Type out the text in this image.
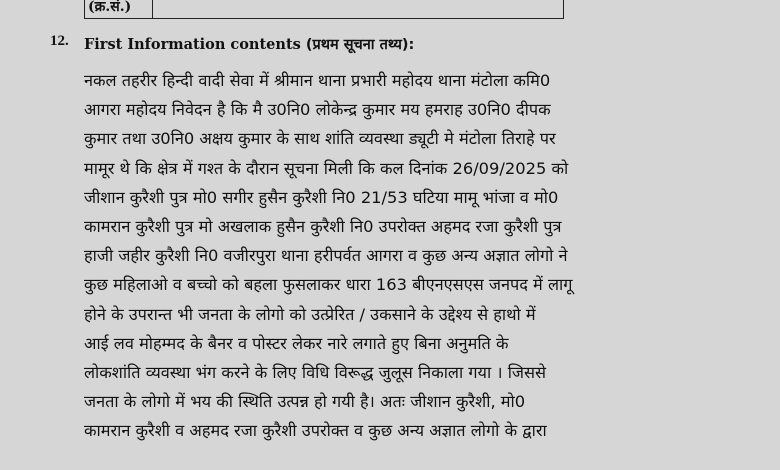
(क्र.सं.)
12. First Information contents (प्रथम सूचना तथ्य):
नकल तहरीर हिन्दी वादी सेवा में श्रीमान थाना प्रभारी महोदय थाना मंटोला कमि0
आगरा महोदय निवेदन है कि मै उ0नि0 लोकेन्द्र कुमार मय हमराह उ0नि0 दीपक
कुमार तथा उ0नि0 अक्षय कुमार के साथ शांति व्यवस्था ड्यूटी मे मंटोला तिराहे पर
मामूर थे कि क्षेत्र में गश्त के दौरान सूचना मिली कि कल दिनांक 26/09/2025 को
जीशान कुरैशी पुत्र मो0 सगीर हुसैन कुरैशी नि0 21/53 घटिया मामू भांजा व मो0
कामरान कुरैशी पुत्र मो अखलाक हुसैन कुरैशी नि0 उपरोक्त अहमद रजा कुरैशी पुत्र
हाजी जहीर कुरैशी नि0 वजीरपुरा थाना हरीपर्वत आगरा व कुछ अन्य अज्ञात लोगो ने
कुछ महिलाओ व बच्चो को बहला फुसलाकर धारा 163 बीएनएसएस जनपद में लागू
होने के उपरान्त भी जनता के लोगो को उत्प्रेरित / उकसाने के उद्देश्य से हाथो में
आई लव मोहम्मद के बैनर व पोस्टर लेकर नारे लगाते हुए बिना अनुमति के
लोकशांति व्यवस्था भंग करने के लिए विधि विरूद्ध जुलूस निकाला गया । जिससे
जनता के लोगो में भय की स्थिति उत्पन्न हो गयी है। अतः जीशान कुरैशी, मो0
कामरान कुरैशी व अहमद रजा कुरैशी उपरोक्त व कुछ अन्य अज्ञात लोगो के द्वारा
